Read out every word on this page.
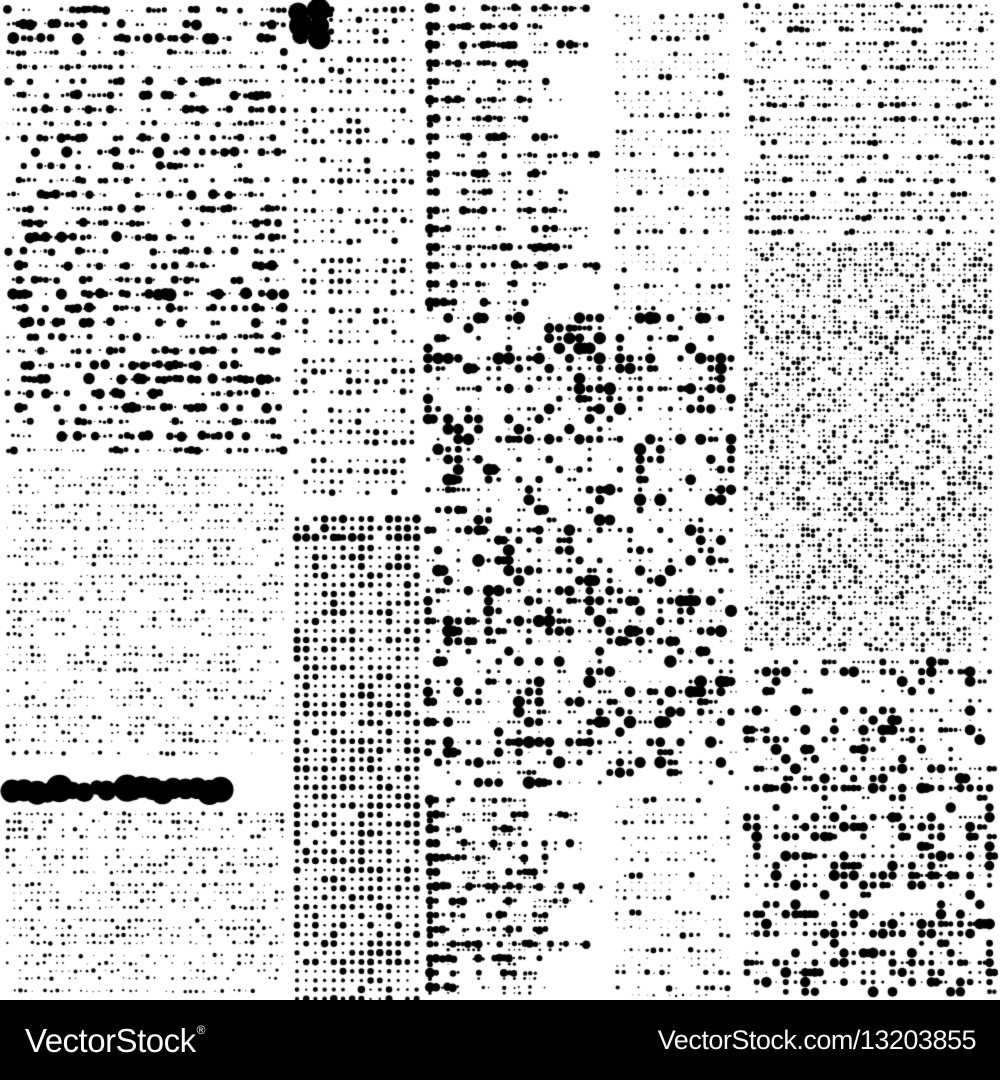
VectorStock®	VectorStock.com/13203855
